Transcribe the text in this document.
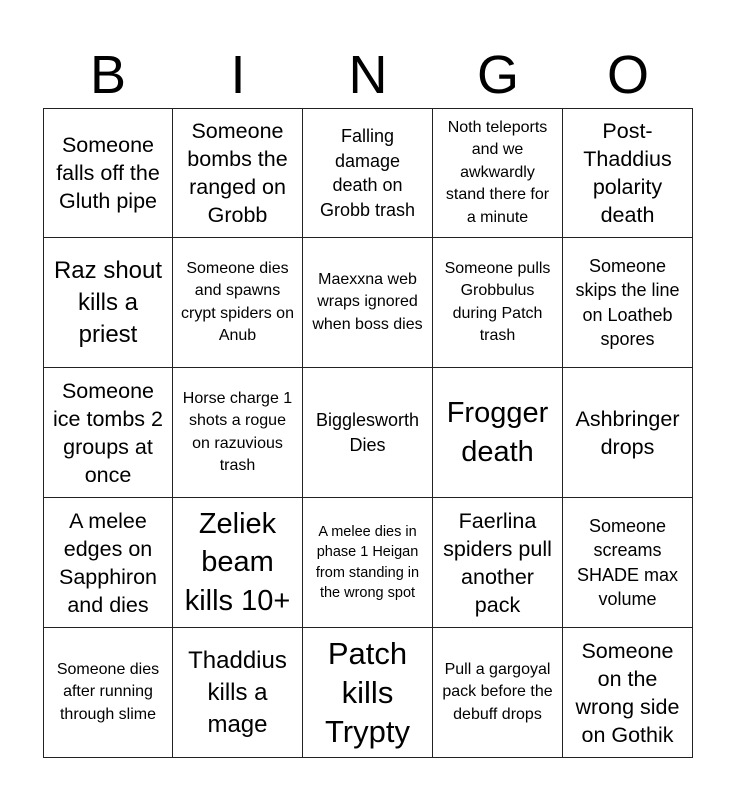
B	I	N	G	O
Someone falls off the Gluth pipe
Someone bombs the ranged on Grobb
Falling damage death on Grobb trash
Noth teleports and we awkwardly stand there for a minute
Post-Thaddius polarity death
Raz shout kills a priest
Someone dies and spawns crypt spiders on Anub
Maexxna web wraps ignored when boss dies
Someone pulls Grobbulus during Patch trash
Someone skips the line on Loatheb spores
Someone ice tombs 2 groups at once
Horse charge 1 shots a rogue on razuvious trash
Bigglesworth Dies
Frogger death
Ashbringer drops
A melee edges on Sapphiron and dies
Zeliek beam kills 10+
A melee dies in phase 1 Heigan from standing in the wrong spot
Faerlina spiders pull another pack
Someone screams SHADE max volume
Someone dies after running through slime
Thaddius kills a mage
Patch kills Trypty
Pull a gargoyal pack before the debuff drops
Someone on the wrong side on Gothik
